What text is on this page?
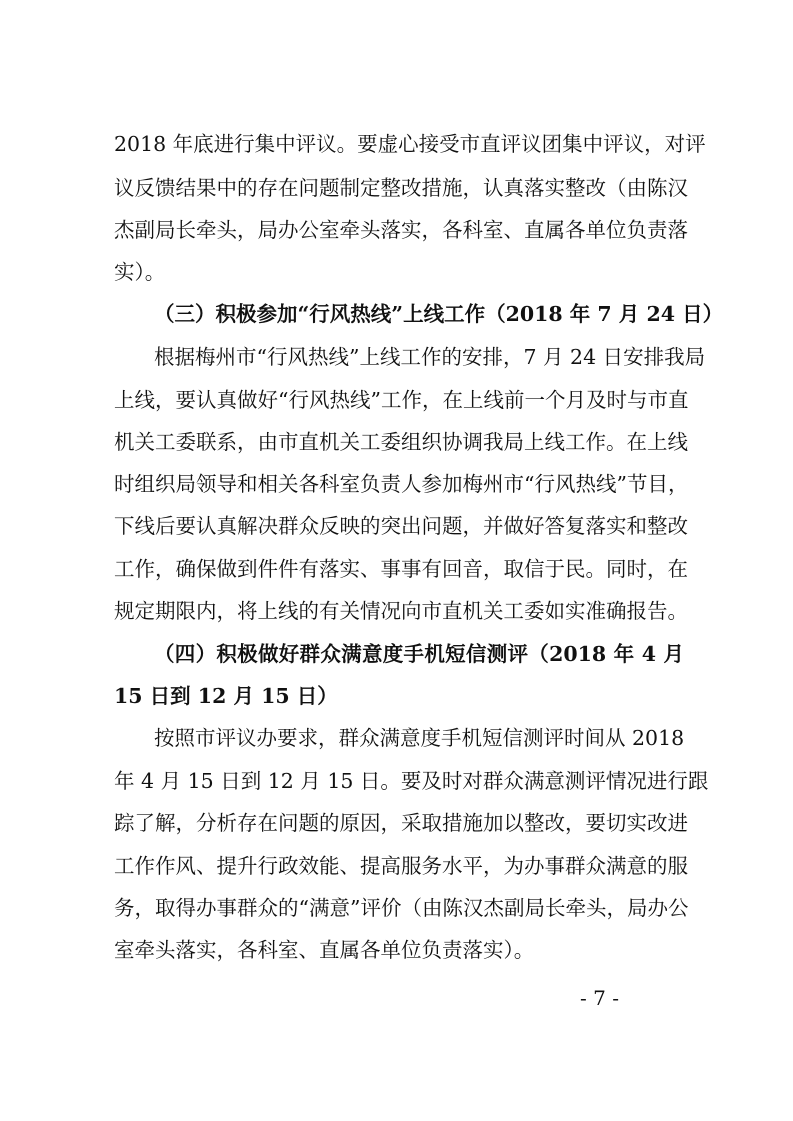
2018 年底进行集中评议。要虚心接受市直评议团集中评议，对评
议反馈结果中的存在问题制定整改措施，认真落实整改（由陈汉
杰副局长牵头，局办公室牵头落实，各科室、直属各单位负责落
实）。
（三）积极参加“行风热线”上线工作（2018 年 7 月 24 日）
根据梅州市“行风热线”上线工作的安排，7 月 24 日安排我局
上线，要认真做好“行风热线”工作，在上线前一个月及时与市直
机关工委联系，由市直机关工委组织协调我局上线工作。在上线
时组织局领导和相关各科室负责人参加梅州市“行风热线”节目，
下线后要认真解决群众反映的突出问题，并做好答复落实和整改
工作，确保做到件件有落实、事事有回音，取信于民。同时，在
规定期限内，将上线的有关情况向市直机关工委如实准确报告。
（四）积极做好群众满意度手机短信测评（2018 年 4 月
15 日到 12 月 15 日）
按照市评议办要求，群众满意度手机短信测评时间从 2018
年 4 月 15 日到 12 月 15 日。要及时对群众满意测评情况进行跟
踪了解，分析存在问题的原因，采取措施加以整改，要切实改进
工作作风、提升行政效能、提高服务水平，为办事群众满意的服
务，取得办事群众的“满意”评价（由陈汉杰副局长牵头，局办公
室牵头落实，各科室、直属各单位负责落实）。
- 7 -
